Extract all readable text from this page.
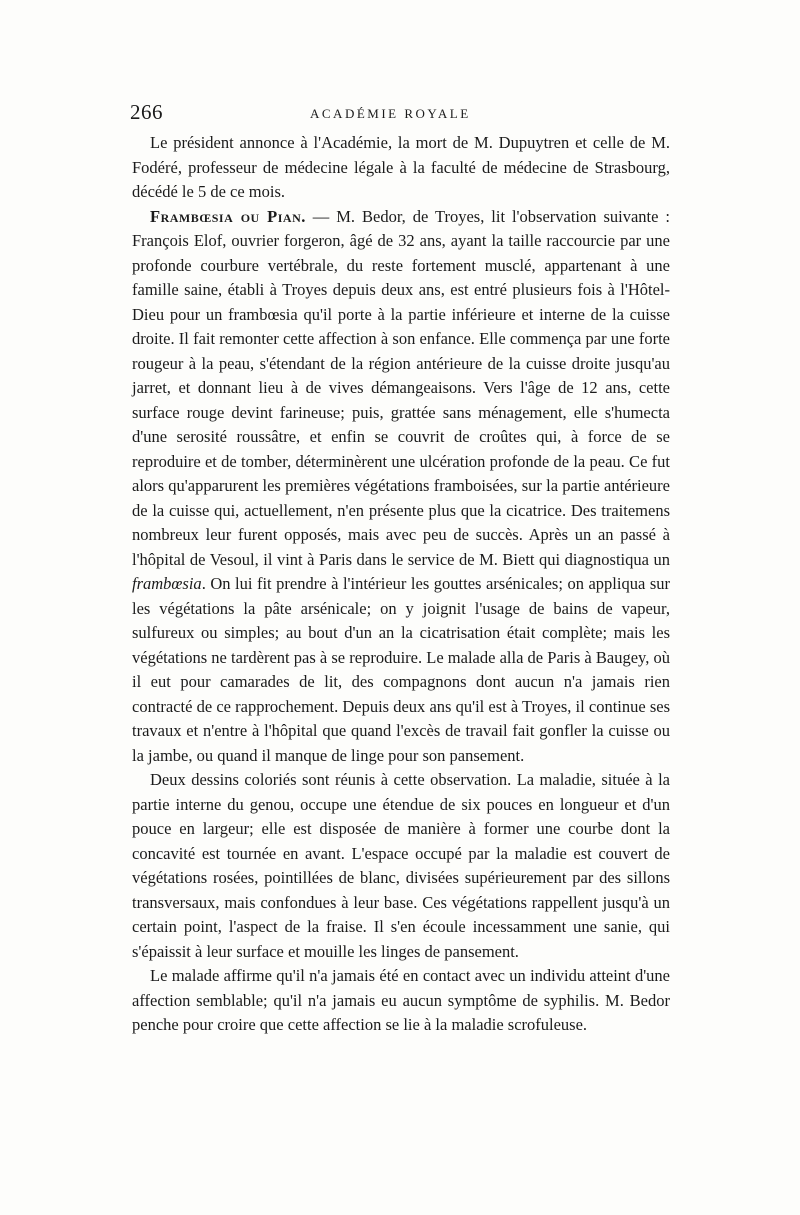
266	ACADÉMIE ROYALE

Le président annonce à l'Académie, la mort de M. Dupuytren et celle de M. Fodéré, professeur de médecine légale à la faculté de médecine de Strasbourg, décédé le 5 de ce mois.

Frambœsia ou Pian. — M. Bedor, de Troyes, lit l'observation suivante : François Elof, ouvrier forgeron, âgé de 32 ans, ayant la taille raccourcie par une profonde courbure vertébrale, du reste fortement musclé, appartenant à une famille saine, établi à Troyes depuis deux ans, est entré plusieurs fois à l'Hôtel-Dieu pour un frambœsia qu'il porte à la partie inférieure et interne de la cuisse droite. Il fait remonter cette affection à son enfance. Elle commença par une forte rougeur à la peau, s'étendant de la région antérieure de la cuisse droite jusqu'au jarret, et donnant lieu à de vives démangeaisons. Vers l'âge de 12 ans, cette surface rouge devint farineuse; puis, grattée sans ménagement, elle s'humecta d'une serosité roussâtre, et enfin se couvrit de croûtes qui, à force de se reproduire et de tomber, déterminèrent une ulcération profonde de la peau. Ce fut alors qu'apparurent les premières végétations framboisées, sur la partie antérieure de la cuisse qui, actuellement, n'en présente plus que la cicatrice. Des traitemens nombreux leur furent opposés, mais avec peu de succès. Après un an passé à l'hôpital de Vesoul, il vint à Paris dans le service de M. Biett qui diagnostiqua un frambœsia. On lui fit prendre à l'intérieur les gouttes arsénicales; on appliqua sur les végétations la pâte arsénicale; on y joignit l'usage de bains de vapeur, sulfureux ou simples; au bout d'un an la cicatrisation était complète; mais les végétations ne tardèrent pas à se reproduire. Le malade alla de Paris à Baugey, où il eut pour camarades de lit, des compagnons dont aucun n'a jamais rien contracté de ce rapprochement. Depuis deux ans qu'il est à Troyes, il continue ses travaux et n'entre à l'hôpital que quand l'excès de travail fait gonfler la cuisse ou la jambe, ou quand il manque de linge pour son pansement.

Deux dessins coloriés sont réunis à cette observation. La maladie, située à la partie interne du genou, occupe une étendue de six pouces en longueur et d'un pouce en largeur; elle est disposée de manière à former une courbe dont la concavité est tournée en avant. L'espace occupé par la maladie est couvert de végétations rosées, pointillées de blanc, divisées supérieurement par des sillons transversaux, mais confondues à leur base. Ces végétations rappellent jusqu'à un certain point, l'aspect de la fraise. Il s'en écoule incessamment une sanie, qui s'épaissit à leur surface et mouille les linges de pansement.

Le malade affirme qu'il n'a jamais été en contact avec un individu atteint d'une affection semblable; qu'il n'a jamais eu aucun symptôme de syphilis. M. Bedor penche pour croire que cette affection se lie à la maladie scrofuleuse.
